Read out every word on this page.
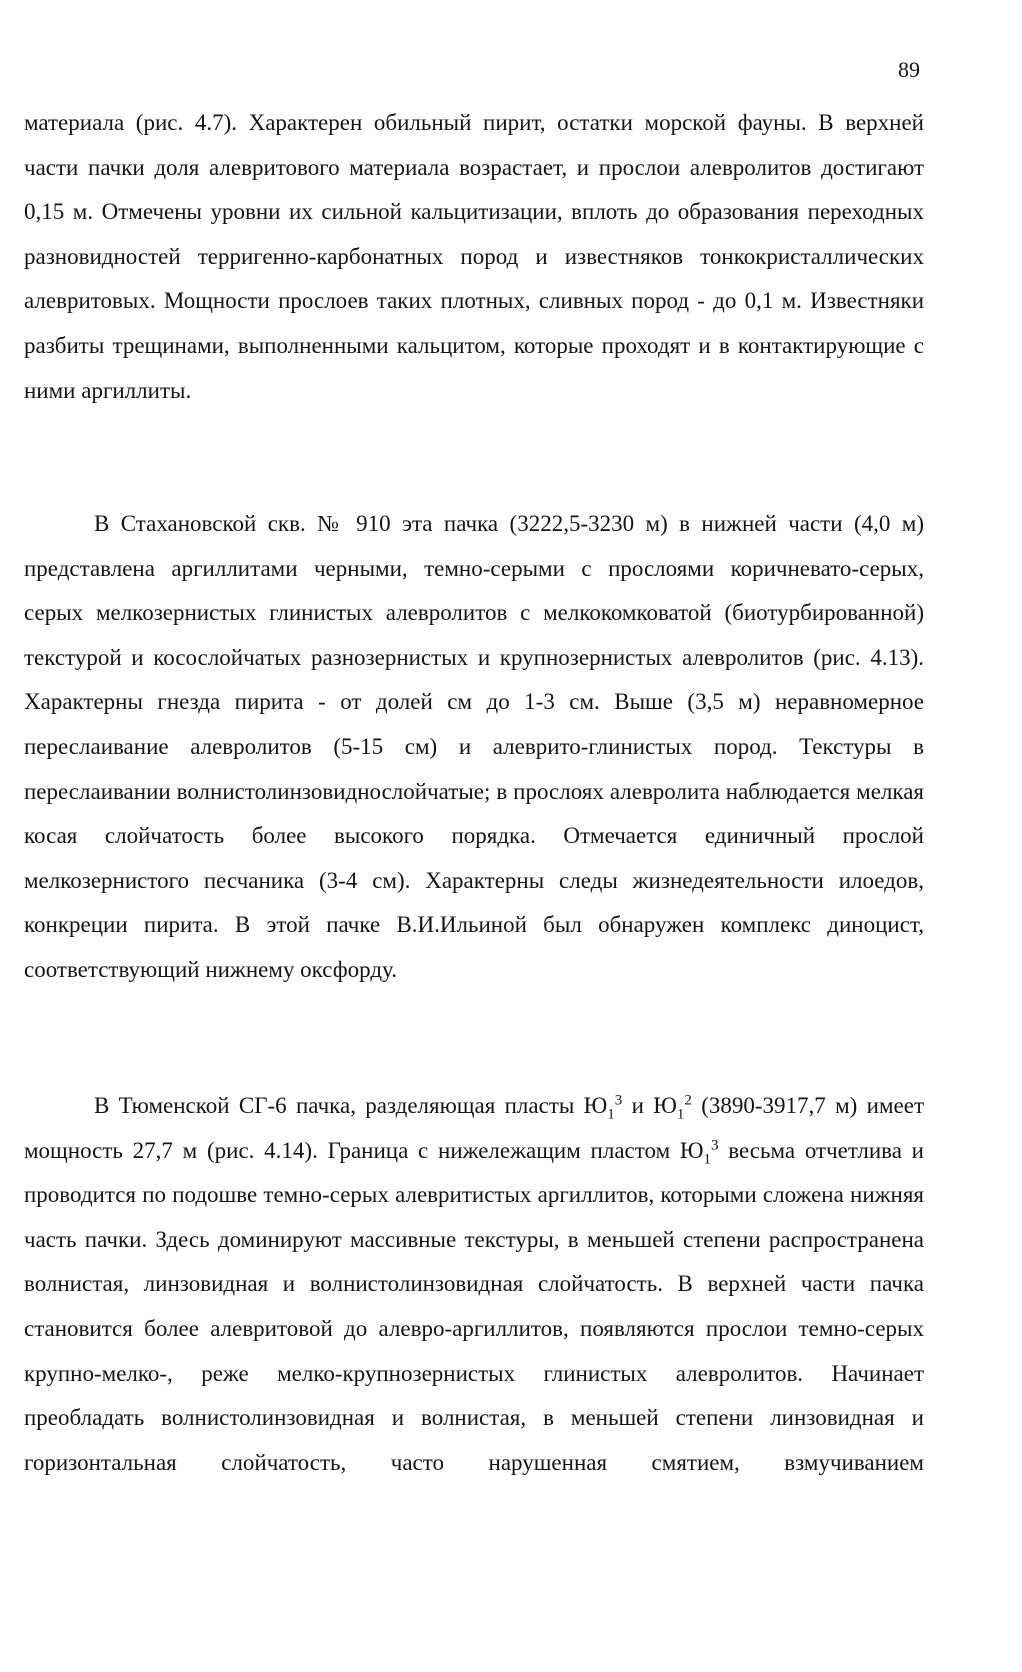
89

материала (рис. 4.7). Характерен обильный пирит, остатки морской фауны. В верхней части пачки доля алевритового материала возрастает, и прослои алевролитов достигают 0,15 м. Отмечены уровни их сильной кальцитизации, вплоть до образования переходных разновидностей терригенно-карбонатных пород и известняков тонкокристаллических алевритовых. Мощности прослоев таких плотных, сливных пород - до 0,1 м. Известняки разбиты трещинами, выполненными кальцитом, которые проходят и в контактирующие с ними аргиллиты.

В Стахановской скв. № 910 эта пачка (3222,5-3230 м) в нижней части (4,0 м) представлена аргиллитами черными, темно-серыми с прослоями коричневато-серых, серых мелкозернистых глинистых алевролитов с мелкокомковатой (биотурбированной) текстурой и косослойчатых разнозернистых и крупнозернистых алевролитов (рис. 4.13). Характерны гнезда пирита - от долей см до 1-3 см. Выше (3,5 м) неравномерное переслаивание алевролитов (5-15 см) и алеврито-глинистых пород. Текстуры в переслаивании волнистолинзовиднослойчатые; в прослоях алевролита наблюдается мелкая косая слойчатость более высокого порядка. Отмечается единичный прослой мелкозернистого песчаника (3-4 см). Характерны следы жизнедеятельности илоедов, конкреции пирита. В этой пачке В.И.Ильиной был обнаружен комплекс диноцист, соответствующий нижнему оксфорду.

В Тюменской СГ-6 пачка, разделяющая пласты $Ю_1^3$ и $Ю_1^2$ (3890-3917,7 м) имеет мощность 27,7 м (рис. 4.14). Граница с нижележащим пластом $Ю_1^3$ весьма отчетлива и проводится по подошве темно-серых алевритистых аргиллитов, которыми сложена нижняя часть пачки. Здесь доминируют массивные текстуры, в меньшей степени распространена волнистая, линзовидная и волнистолинзовидная слойчатость. В верхней части пачка становится более алевритовой до алевро-аргиллитов, появляются прослои темно-серых крупно-мелко-, реже мелко-крупнозернистых глинистых алевролитов. Начинает преобладать волнистолинзовидная и волнистая, в меньшей степени линзовидная и горизонтальная слойчатость, часто нарушенная смятием, взмучиванием
